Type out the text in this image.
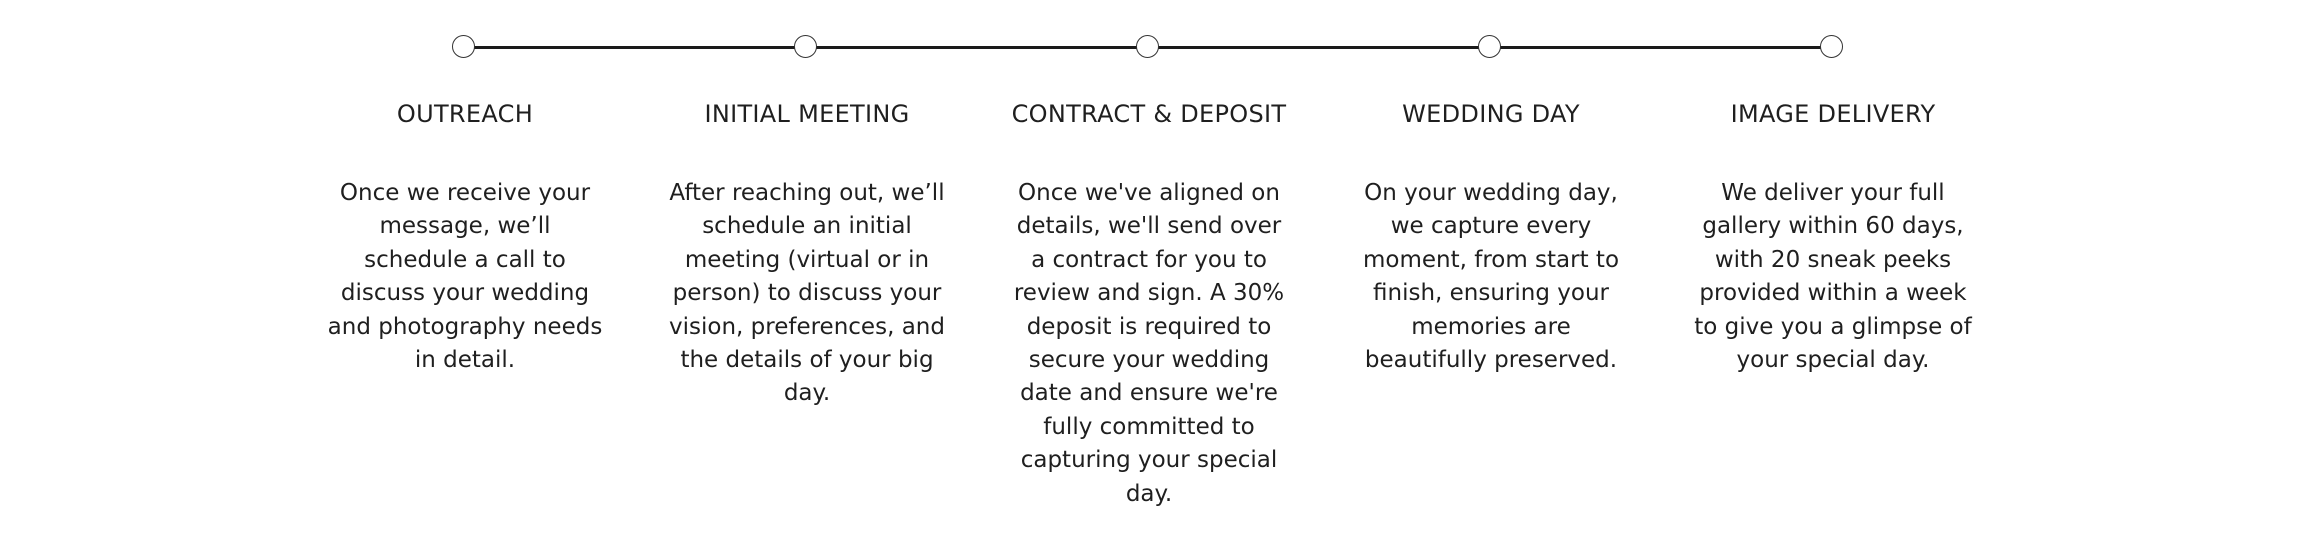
OUTREACH
Once we receive your message, we’ll schedule a call to discuss your wedding and photography needs in detail.
INITIAL MEETING
After reaching out, we’ll schedule an initial meeting (virtual or in person) to discuss your vision, preferences, and the details of your big day.
CONTRACT & DEPOSIT
Once we've aligned on details, we'll send over a contract for you to review and sign. A 30% deposit is required to secure your wedding date and ensure we're fully committed to capturing your special day.
WEDDING DAY
On your wedding day, we capture every moment, from start to finish, ensuring your memories are beautifully preserved.
IMAGE DELIVERY
We deliver your full gallery within 60 days, with 20 sneak peeks provided within a week to give you a glimpse of your special day.
